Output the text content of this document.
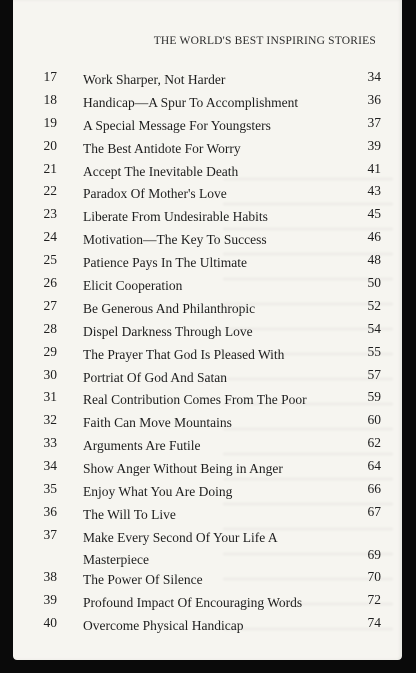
THE WORLD'S BEST INSPIRING STORIES
17 Work Sharper, Not Harder	34
18 Handicap—A Spur To Accomplishment	36
19 A Special Message For Youngsters	37
20 The Best Antidote For Worry	39
21 Accept The Inevitable Death	41
22 Paradox Of Mother's Love	43
23 Liberate From Undesirable Habits	45
24 Motivation—The Key To Success	46
25 Patience Pays In The Ultimate	48
26 Elicit Cooperation	50
27 Be Generous And Philanthropic	52
28 Dispel Darkness Through Love	54
29 The Prayer That God Is Pleased With	55
30 Portriat Of God And Satan	57
31 Real Contribution Comes From The Poor	59
32 Faith Can Move Mountains	60
33 Arguments Are Futile	62
34 Show Anger Without Being in Anger	64
35 Enjoy What You Are Doing	66
36 The Will To Live	67
37 Make Every Second Of Your Life A
Masterpiece	69
38 The Power Of Silence	70
39 Profound Impact Of Encouraging Words	72
40 Overcome Physical Handicap	74
